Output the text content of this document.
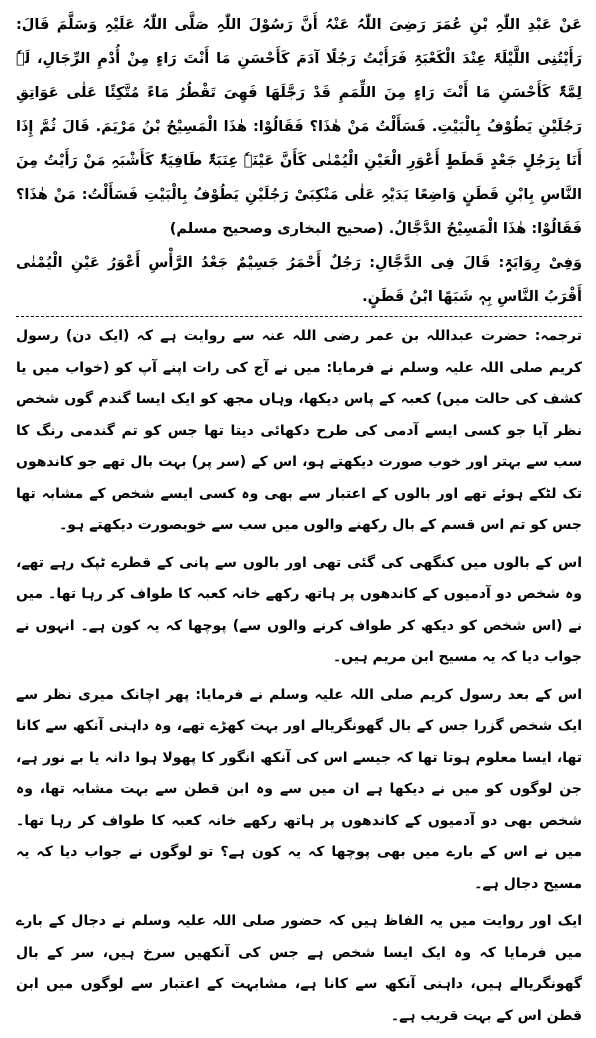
عَنْ عَبْدِ اللّٰہِ بْنِ عُمَرَ رَضِیَ اللّٰہُ عَنْہُ أَنَّ رَسُوْلَ اللّٰہِ صَلَّی اللّٰہُ عَلَیْہِ وَسَلَّمَ قَالَ: رَأَیْتُنِی اللَّیْلَۃَ عِنْدَ الْکَعْبَۃِ فَرَأَیْتُ رَجُلًا آدَمَ کَأَحْسَنِ مَا أَنْتَ رَاءٍ مِنْ أُدْمِ الرِّجَالِ، لَہٗ لِمَّۃٌ کَأَحْسَنِ مَا أَنْتَ رَاءٍ مِنَ اللِّمَمِ قَدْ رَجَّلَھَا فَھِیَ تَقْطُرُ مَاءً مُتَّکِئًا عَلٰی عَوَاتِقِ رَجُلَیْنِ یَطُوْفُ بِالْبَیْتِ. فَسَأَلْتُ مَنْ ھٰذَا؟ فَقَالُوْا: ھٰذَا الْمَسِیْحُ بْنُ مَرْیَمَ. قَالَ ثُمَّ إِذَا أَنَا بِرَجُلٍ جَعْدٍ قَطَطٍ أَعْوَرِ الْعَیْنِ الْیُمْنٰی کَأَنَّ عَیْنَہٗ عِنَبَۃٌ طَافِیَۃٌ کَأَشْبَہِ مَنْ رَأَیْتُ مِنَ النَّاسِ بِابْنِ قَطَنٍ وَاضِعًا یَدَیْہِ عَلٰی مَنْکِبَیْ رَجُلَیْنِ یَطُوْفُ بِالْبَیْتِ فَسَأَلْتُ: مَنْ ھٰذَا؟ فَقَالُوْا: ھٰذَا الْمَسِیْحُ الدَّجَّالُ. (صحیح البخاری وصحیح مسلم)

وَفِیْ رِوَایَۃٍ: قَالَ فِی الدَّجَّالِ: رَجُلٌ أَحْمَرُ جَسِیْمٌ جَعْدُ الرَّأْسِ أَعْوَرُ عَیْنِ الْیُمْنٰی أَقْرَبُ النَّاسِ بِہٖ شَبَھًا ابْنُ قَطَنٍ.

ترجمہ: حضرت عبداللہ بن عمر رضی اللہ عنہ سے روایت ہے کہ (ایک دن) رسول کریم صلی اللہ علیہ وسلم نے فرمایا: میں نے آج کی رات اپنے آپ کو (خواب میں یا کشف کی حالت میں) کعبہ کے پاس دیکھا، وہاں مجھ کو ایک ایسا گندم گوں شخص نظر آیا جو کسی ایسے آدمی کی طرح دکھائی دیتا تھا جس کو تم گندمی رنگ کا سب سے بہتر اور خوب صورت دیکھتے ہو، اس کے (سر پر) بہت بال تھے جو کاندھوں تک لٹکے ہوئے تھے اور بالوں کے اعتبار سے بھی وہ کسی ایسے شخص کے مشابہ تھا جس کو تم اس قسم کے بال رکھنے والوں میں سب سے خوبصورت دیکھتے ہو۔

اس کے بالوں میں کنگھی کی گئی تھی اور بالوں سے پانی کے قطرے ٹپک رہے تھے، وہ شخص دو آدمیوں کے کاندھوں پر ہاتھ رکھے خانہ کعبہ کا طواف کر رہا تھا۔ میں نے (اس شخص کو دیکھ کر طواف کرنے والوں سے) پوچھا کہ یہ کون ہے۔ انہوں نے جواب دیا کہ یہ مسیح ابن مریم ہیں۔

اس کے بعد رسول کریم صلی اللہ علیہ وسلم نے فرمایا: پھر اچانک میری نظر سے ایک شخص گزرا جس کے بال گھونگریالے اور بہت کھڑے تھے، وہ داہنی آنکھ سے کانا تھا، ایسا معلوم ہوتا تھا کہ جیسے اس کی آنکھ انگور کا پھولا ہوا دانہ یا بے نور ہے، جن لوگوں کو میں نے دیکھا ہے ان میں سے وہ ابن قطن سے بہت مشابہ تھا، وہ شخص بھی دو آدمیوں کے کاندھوں پر ہاتھ رکھے خانہ کعبہ کا طواف کر رہا تھا۔ میں نے اس کے بارے میں بھی پوچھا کہ یہ کون ہے؟ تو لوگوں نے جواب دیا کہ یہ مسیح دجال ہے۔

ایک اور روایت میں یہ الفاظ ہیں کہ حضور صلی اللہ علیہ وسلم نے دجال کے بارے میں فرمایا کہ وہ ایک ایسا شخص ہے جس کی آنکھیں سرخ ہیں، سر کے بال گھونگریالے ہیں، داہنی آنکھ سے کانا ہے، مشابہت کے اعتبار سے لوگوں میں ابن قطن اس کے بہت قریب ہے۔
